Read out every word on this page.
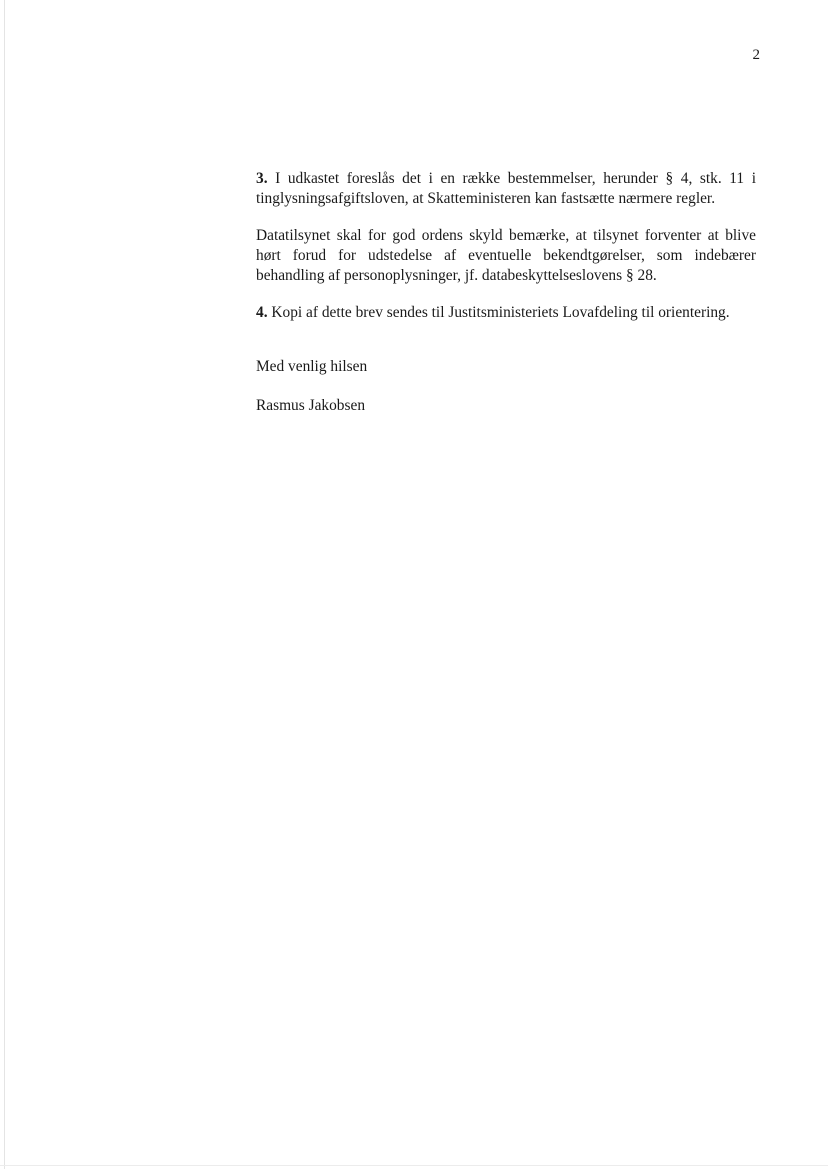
2

3. I udkastet foreslås det i en række bestemmelser, herunder § 4, stk. 11 i tinglysningsafgiftsloven, at Skatteministeren kan fastsætte nærmere regler.

Datatilsynet skal for god ordens skyld bemærke, at tilsynet forventer at blive hørt forud for udstedelse af eventuelle bekendtgørelser, som indebærer behandling af personoplysninger, jf. databeskyttelseslovens § 28.

4. Kopi af dette brev sendes til Justitsministeriets Lovafdeling til orientering.

Med venlig hilsen
Rasmus Jakobsen
